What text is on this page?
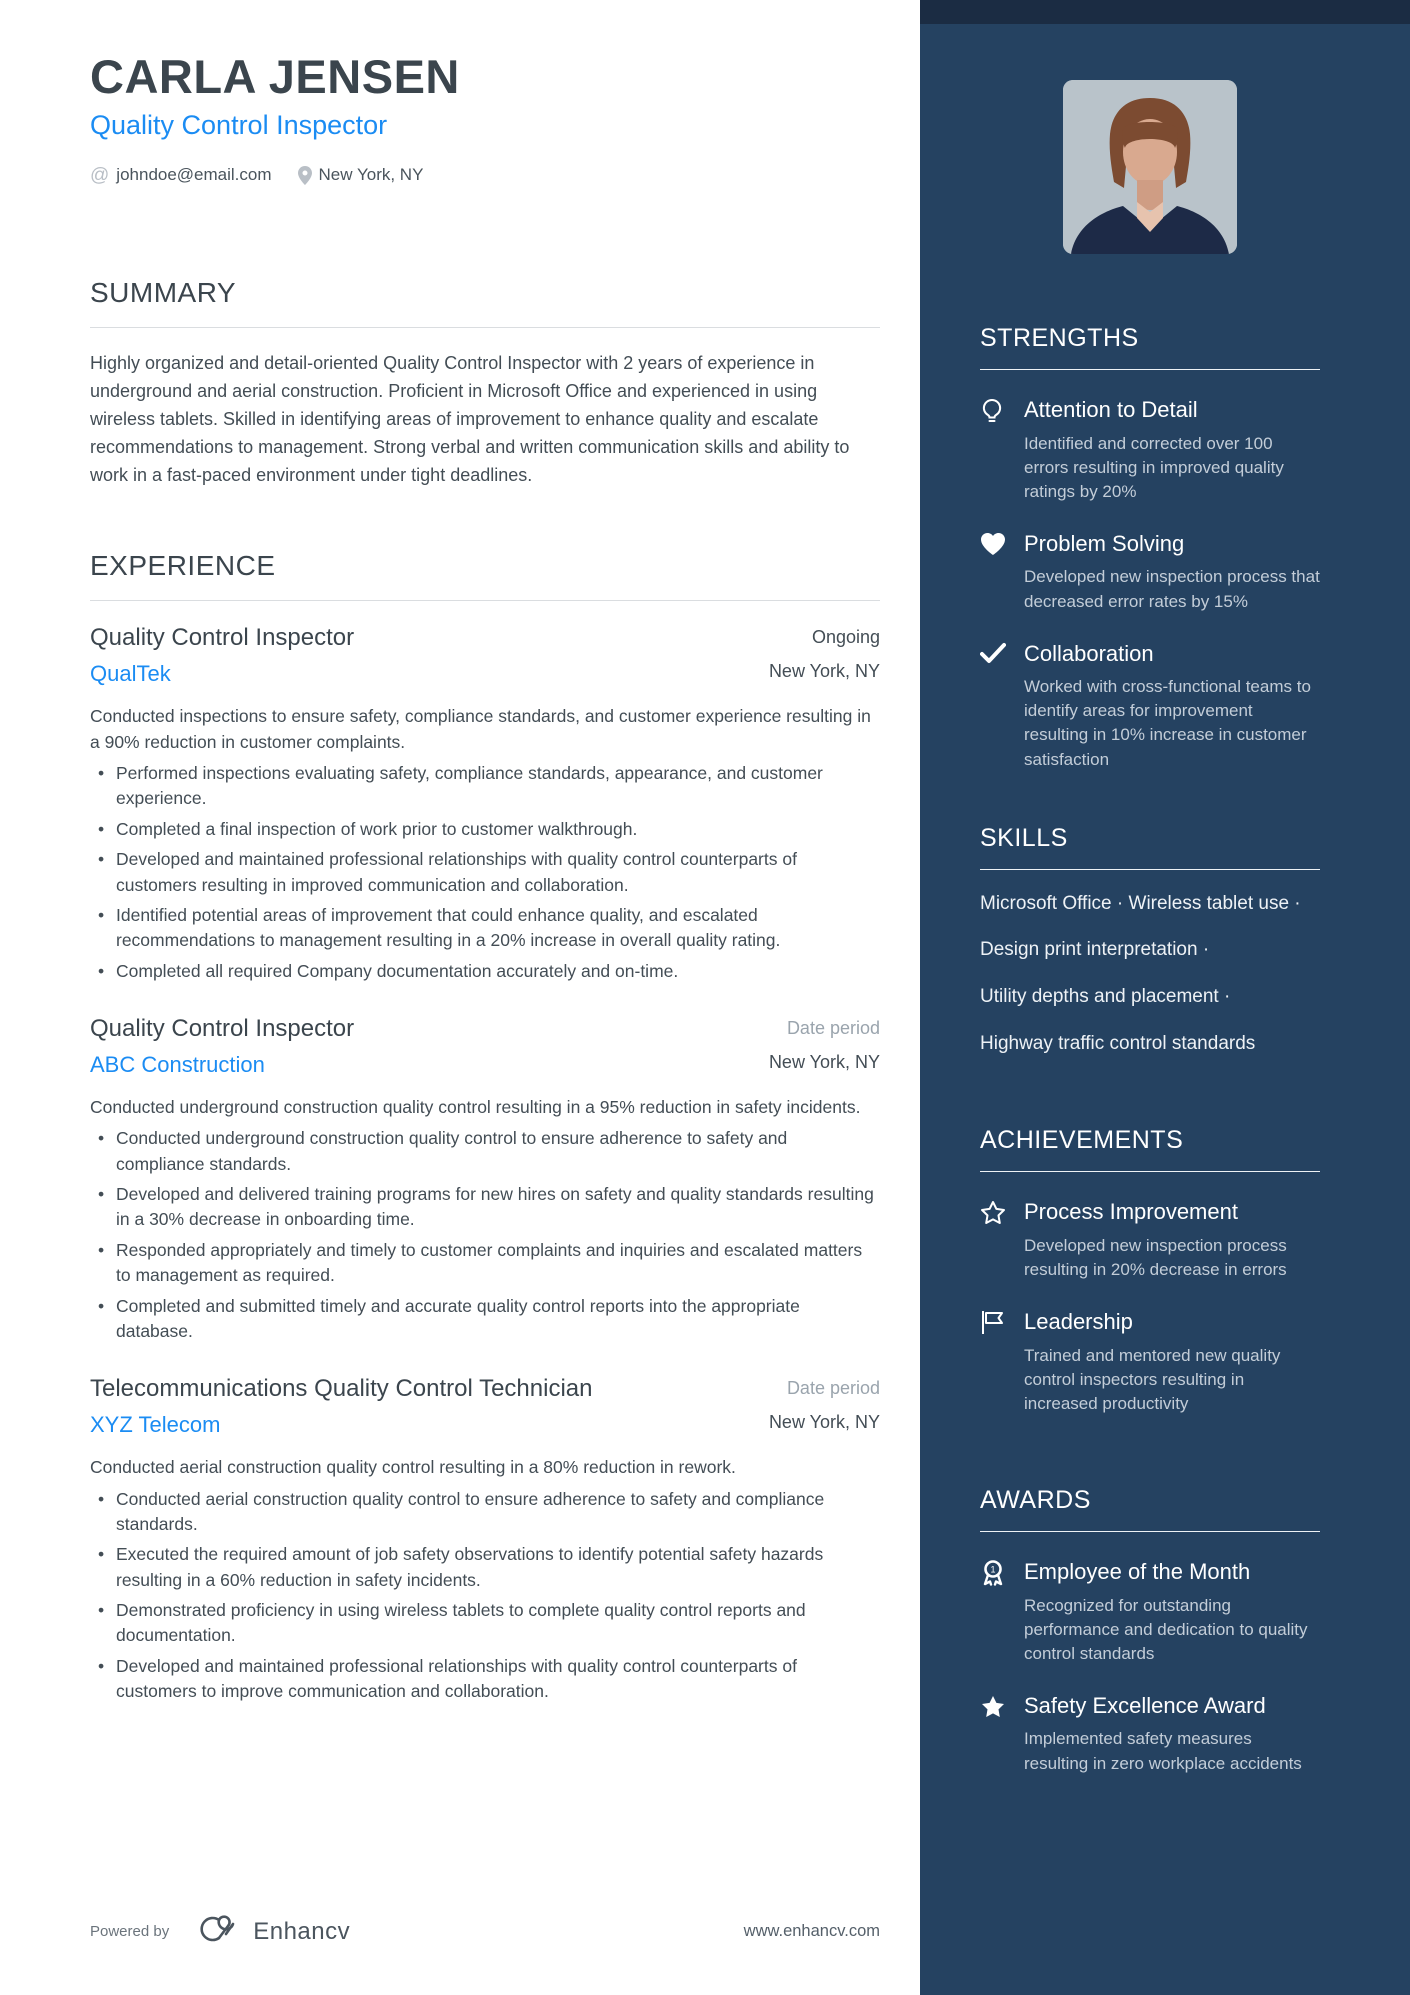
CARLA JENSEN
Quality Control Inspector
@ johndoe@email.com	New York, NY
SUMMARY

Highly organized and detail-oriented Quality Control Inspector with 2 years of experience in underground and aerial construction. Proficient in Microsoft Office and experienced in using wireless tablets. Skilled in identifying areas of improvement to enhance quality and escalate recommendations to management. Strong verbal and written communication skills and ability to work in a fast-paced environment under tight deadlines.

EXPERIENCE
Quality Control Inspector	Ongoing
QualTek	New York, NY
Conducted inspections to ensure safety, compliance standards, and customer experience resulting in a 90% reduction in customer complaints.
• Performed inspections evaluating safety, compliance standards, appearance, and customer experience.
• Completed a final inspection of work prior to customer walkthrough.
• Developed and maintained professional relationships with quality control counterparts of customers resulting in improved communication and collaboration.
• Identified potential areas of improvement that could enhance quality, and escalated recommendations to management resulting in a 20% increase in overall quality rating.
• Completed all required Company documentation accurately and on-time.
Quality Control Inspector	Date period
ABC Construction	New York, NY
Conducted underground construction quality control resulting in a 95% reduction in safety incidents.
• Conducted underground construction quality control to ensure adherence to safety and compliance standards.
• Developed and delivered training programs for new hires on safety and quality standards resulting in a 30% decrease in onboarding time.
• Responded appropriately and timely to customer complaints and inquiries and escalated matters to management as required.
• Completed and submitted timely and accurate quality control reports into the appropriate database.
Telecommunications Quality Control Technician	Date period
XYZ Telecom	New York, NY
Conducted aerial construction quality control resulting in a 80% reduction in rework.
• Conducted aerial construction quality control to ensure adherence to safety and compliance standards.
• Executed the required amount of job safety observations to identify potential safety hazards resulting in a 60% reduction in safety incidents.
• Demonstrated proficiency in using wireless tablets to complete quality control reports and documentation.
• Developed and maintained professional relationships with quality control counterparts of customers to improve communication and collaboration.
Powered by	Enhancv	www.enhancv.com
STRENGTHS
Attention to Detail
Identified and corrected over 100 errors resulting in improved quality ratings by 20%
Problem Solving
Developed new inspection process that decreased error rates by 15%
Collaboration
Worked with cross-functional teams to identify areas for improvement resulting in 10% increase in customer satisfaction
SKILLS
Microsoft Office · Wireless tablet use ·
Design print interpretation ·
Utility depths and placement ·
Highway traffic control standards
ACHIEVEMENTS
Process Improvement
Developed new inspection process resulting in 20% decrease in errors
Leadership
Trained and mentored new quality control inspectors resulting in increased productivity
AWARDS
1 Employee of the Month
Recognized for outstanding performance and dedication to quality control standards
Safety Excellence Award
Implemented safety measures resulting in zero workplace accidents
